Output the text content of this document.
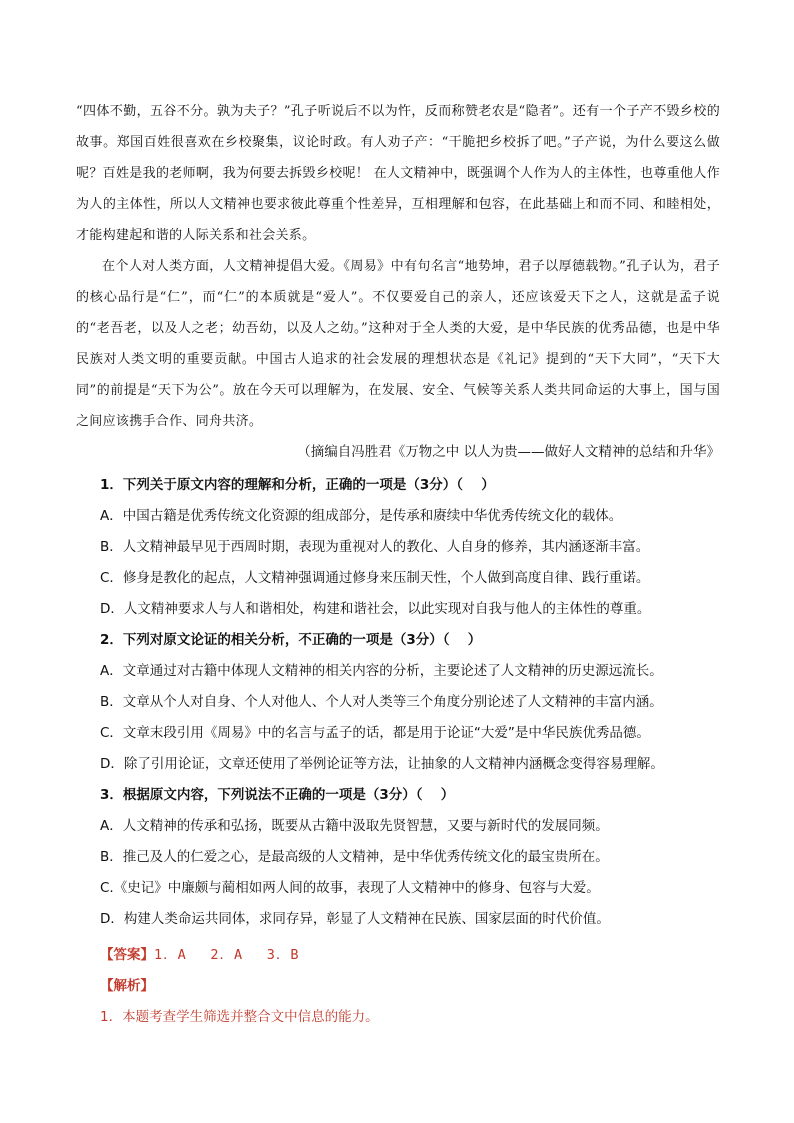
“四体不勤，五谷不分。孰为夫子？”孔子听说后不以为忤，反而称赞老农是“隐者”。还有一个子产不毁乡校的故事。郑国百姓很喜欢在乡校聚集，议论时政。有人劝子产：“干脆把乡校拆了吧。”子产说，为什么要这么做呢？百姓是我的老师啊，我为何要去拆毁乡校呢！ 在人文精神中，既强调个人作为人的主体性，也尊重他人作为人的主体性，所以人文精神也要求彼此尊重个性差异，互相理解和包容，在此基础上和而不同、和睦相处，才能构建起和谐的人际关系和社会关系。

在个人对人类方面，人文精神提倡大爱。《周易》中有句名言“地势坤，君子以厚德载物。”孔子认为，君子的核心品行是“仁”，而“仁”的本质就是“爱人”。不仅要爱自己的亲人，还应该爱天下之人，这就是孟子说的“老吾老，以及人之老；幼吾幼，以及人之幼。”这种对于全人类的大爱，是中华民族的优秀品德，也是中华民族对人类文明的重要贡献。中国古人追求的社会发展的理想状态是《礼记》提到的“天下大同”，“天下大同”的前提是“天下为公”。放在今天可以理解为，在发展、安全、气候等关系人类共同命运的大事上，国与国之间应该携手合作、同舟共济。

（摘编自冯胜君《万物之中 以人为贵——做好人文精神的总结和升华》
1．下列关于原文内容的理解和分析，正确的一项是（3分）（　 ）
A．中国古籍是优秀传统文化资源的组成部分，是传承和赓续中华优秀传统文化的载体。
B．人文精神最早见于西周时期，表现为重视对人的教化、人自身的修养，其内涵逐渐丰富。
C．修身是教化的起点，人文精神强调通过修身来压制天性，个人做到高度自律、践行重诺。
D．人文精神要求人与人和谐相处，构建和谐社会，以此实现对自我与他人的主体性的尊重。
2．下列对原文论证的相关分析，不正确的一项是（3分）（　 ）
A．文章通过对古籍中体现人文精神的相关内容的分析，主要论述了人文精神的历史源远流长。
B．文章从个人对自身、个人对他人、个人对人类等三个角度分别论述了人文精神的丰富内涵。
C．文章末段引用《周易》中的名言与孟子的话，都是用于论证“大爱”是中华民族优秀品德。
D．除了引用论证，文章还使用了举例论证等方法，让抽象的人文精神内涵概念变得容易理解。
3．根据原文内容，下列说法不正确的一项是（3分）（　 ）
A．人文精神的传承和弘扬，既要从古籍中汲取先贤智慧，又要与新时代的发展同频。
B．推己及人的仁爱之心，是最高级的人文精神，是中华优秀传统文化的最宝贵所在。
C.《史记》中廉颇与蔺相如两人间的故事，表现了人文精神中的修身、包容与大爱。
D．构建人类命运共同体，求同存异，彰显了人文精神在民族、国家层面的时代价值。
【答案】1．A　 2．A　 3．B
【解析】
1．本题考查学生筛选并整合文中信息的能力。
